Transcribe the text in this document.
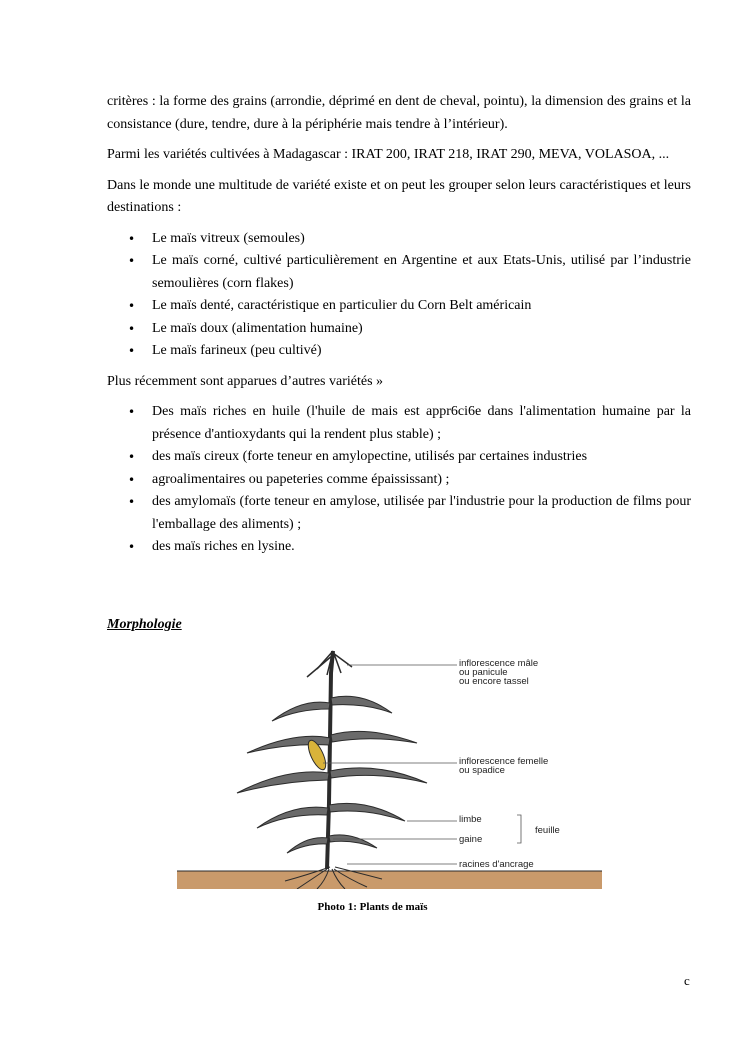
critères : la forme des grains (arrondie, déprimé en dent de cheval, pointu), la dimension des grains et la consistance (dure, tendre, dure à la périphérie mais tendre à l’intérieur).

Parmi les variétés cultivées à Madagascar : IRAT 200, IRAT 218, IRAT 290, MEVA, VOLASOA, ...

Dans le monde une multitude de variété existe et on peut les grouper selon leurs caractéristiques et leurs destinations :

• Le maïs vitreux (semoules)
• Le maïs corné, cultivé particulièrement en Argentine et aux Etats-Unis, utilisé par l’industrie semoulières (corn flakes)
• Le maïs denté, caractéristique en particulier du Corn Belt américain
• Le maïs doux (alimentation humaine)
• Le maïs farineux (peu cultivé)

Plus récemment sont apparues d’autres variétés »

• Des maïs riches en huile (l'huile de mais est appr6ci6e dans l'alimentation humaine par la présence d'antioxydants qui la rendent plus stable) ;
• des maïs cireux (forte teneur en amylopectine, utilisés par certaines industries
• agroalimentaires ou papeteries comme épaississant) ;
• des amylomaïs (forte teneur en amylose, utilisée par l'industrie pour la production de films pour l'emballage des aliments) ;
• des maïs riches en lysine.

Morphologie

inflorescence mâle
ou panicule
ou encore tassel
inflorescence femelle
ou spadice
limbe
gaine
feuille
racines d'ancrage
Photo 1: Plants de maïs
c
